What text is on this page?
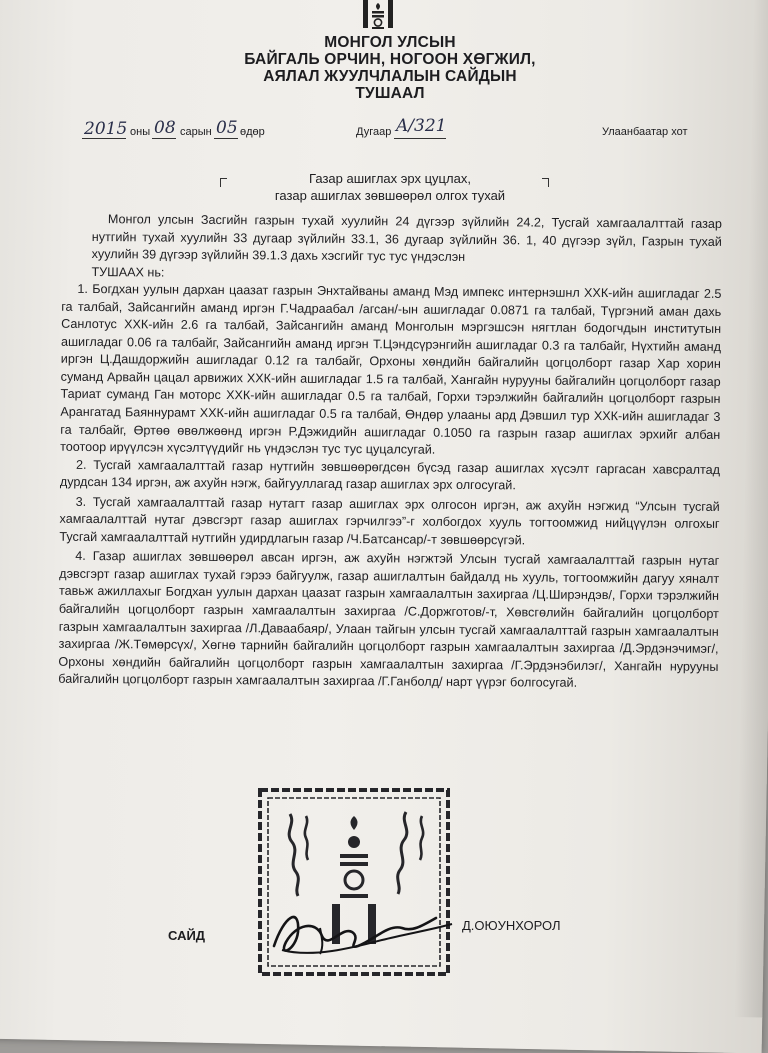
МОНГОЛ УЛСЫН
БАЙГАЛЬ ОРЧИН, НОГООН ХӨГЖИЛ,
АЯЛАЛ ЖУУЛЧЛАЛЫН САЙДЫН
ТУШААЛ
2015 оны 08 сарын 05 өдөр	Дугаар A/321	Улаанбаатар хот
Газар ашиглах эрх цуцлах,
газар ашиглах зөвшөөрөл олгох тухай

Монгол улсын Засгийн газрын тухай хуулийн 24 дүгээр зүйлийн 24.2, Тусгай хамгаалалттай газар нутгийн тухай хуулийн 33 дугаар зүйлийн 33.1, 36 дугаар зүйлийн 36. 1, 40 дүгээр зүйл, Газрын тухай хуулийн 39 дүгээр зүйлийн 39.1.3 дахь хэсгийг тус тус үндэслэн

ТУШААХ нь:

1. Богдхан уулын дархан цаазат газрын Энхтайваны аманд Мэд импекс интернэшнл ХХК-ийн ашигладаг 2.5 га талбай, Зайсангийн аманд иргэн Г.Чадраабал /агсан/-ын ашигладаг 0.0871 га талбай, Түргэний аман дахь Санлотус ХХК-ийн 2.6 га талбай, Зайсангийн аманд Монголын мэргэшсэн нягтлан бодогчдын институтын ашигладаг 0.06 га талбайг, Зайсангийн аманд иргэн Т.Цэндсүрэнгийн ашигладаг 0.3 га талбайг, Нүхтийн аманд иргэн Ц.Дашдоржийн ашигладаг 0.12 га талбайг, Орхоны хөндийн байгалийн цогцолборт газар Хар хорин суманд Арвайн цацал арвижих ХХК-ийн ашигладаг 1.5 га талбай, Хангайн нурууны байгалийн цогцолборт газар Тариат суманд Ган моторс ХХК-ийн ашигладаг 0.5 га талбай, Горхи тэрэлжийн байгалийн цогцолборт газрын Арангатад Баяннурамт ХХК-ийн ашигладаг 0.5 га талбай, Өндөр улааны ард Дэвшил тур ХХК-ийн ашигладаг 3 га талбайг, Өртөө өвөлжөөнд иргэн Р.Дэжидийн ашигладаг 0.1050 га газрын газар ашиглах эрхийг албан тоотоор ирүүлсэн хүсэлтүүдийг нь үндэслэн тус тус цуцалсугай.

2. Тусгай хамгаалалттай газар нутгийн зөвшөөрөгдсөн бүсэд газар ашиглах хүсэлт гаргасан хавсралтад дурдсан 134 иргэн, аж ахуйн нэгж, байгууллагад газар ашиглах эрх олгосугай.

3. Тусгай хамгаалалттай газар нутагт газар ашиглах эрх олгосон иргэн, аж ахуйн нэгжид “Улсын тусгай хамгаалалттай нутаг дэвсгэрт газар ашиглах гэрчилгээ”-г холбогдох хууль тогтоомжид нийцүүлэн олгохыг Тусгай хамгаалалттай нутгийн удирдлагын газар /Ч.Батсансар/-т зөвшөөрсүгэй.

4. Газар ашиглах зөвшөөрөл авсан иргэн, аж ахуйн нэгжтэй Улсын тусгай хамгаалалттай газрын нутаг дэвсгэрт газар ашиглах тухай гэрээ байгуулж, газар ашиглалтын байдалд нь хууль, тогтоомжийн дагуу хяналт тавьж ажиллахыг Богдхан уулын дархан цаазат газрын хамгаалалтын захиргаа /Ц.Ширэндэв/, Горхи тэрэлжийн байгалийн цогцолборт газрын хамгаалалтын захиргаа /С.Доржготов/-т, Хөвсгөлийн байгалийн цогцолборт газрын хамгаалалтын захиргаа /Л.Даваабаяр/, Улаан тайгын улсын тусгай хамгаалалттай газрын хамгаалалтын захиргаа /Ж.Төмөрсүх/, Хөгнө тарнийн байгалийн цогцолборт газрын хамгаалалтын захиргаа /Д.Эрдэнэчимэг/, Орхоны хөндийн байгалийн цогцолборт газрын хамгаалалтын захиргаа /Г.Эрдэнэбилэг/, Хангайн нурууны байгалийн цогцолборт газрын хамгаалалтын захиргаа /Г.Ганболд/ нарт үүрэг болгосугай.

САЙД
Д.ОЮУНХОРОЛ
